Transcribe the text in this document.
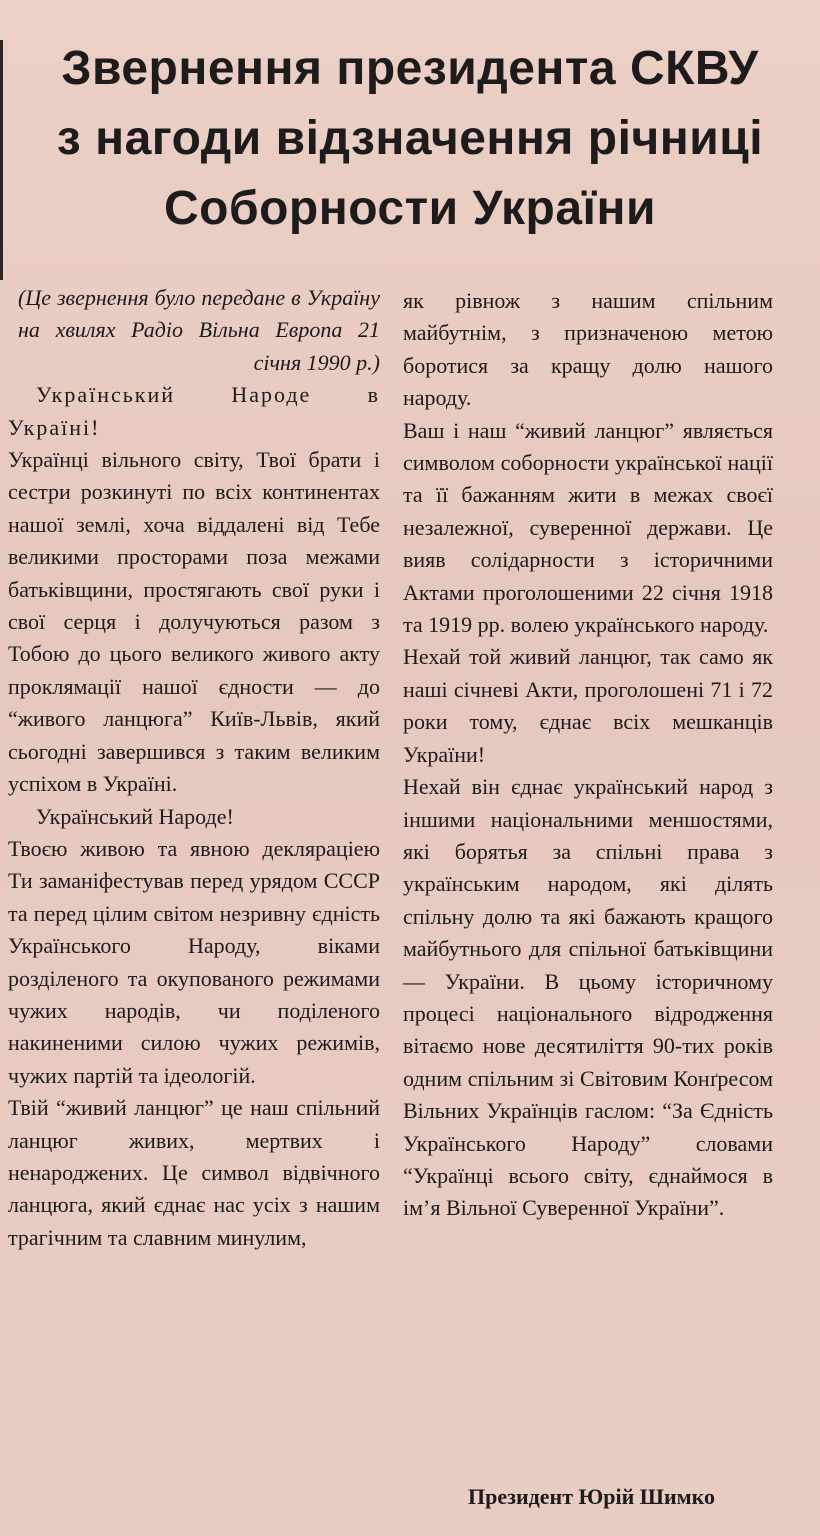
Звернення президента СКВУ
з нагоди відзначення річниці
Соборности України

(Це звернення було передане в Україну на хвилях Радіо Вільна Европа 21 січня 1990 р.)

Український Народе в Україні!

Українці вільного світу, Твої брати і сестри розкинуті по всіх континентах нашої землі, хоча віддалені від Тебе великими просторами поза межами батьківщини, простягають свої руки і свої серця і долучуються разом з Тобою до цього великого живого акту проклямації нашої єдности — до “живого ланцюга” Київ-Львів, який сьогодні завершився з таким великим успіхом в Україні.

Український Народе!

Твоєю живою та явною декляраціею Ти заманіфестував перед урядом СССР та перед цілим світом незривну єдність Українського Народу, віками розділеного та окупованого режимами чужих народів, чи поділеного накиненими силою чужих режимів, чужих партій та ідеологій.

Твій “живий ланцюг” це наш спільний ланцюг живих, мертвих і ненароджених. Це символ відвічного ланцюга, який єднає нас усіх з нашим трагічним та славним минулим,

як рівнож з нашим спільним майбутнім, з призначеною метою боротися за кращу долю нашого народу.

Ваш і наш “живий ланцюг” являється символом соборности української нації та її бажанням жити в межах своєї незалежної, суверенної держави. Це вияв солідарности з історичними Актами проголошеними 22 січня 1918 та 1919 рр. волею українського народу.

Нехай той живий ланцюг, так само як наші січневі Акти, проголошені 71 і 72 роки тому, єднає всіх мешканців України!

Нехай він єднає український народ з іншими національними меншостями, які борятья за спільні права з українським народом, які ділять спільну долю та які бажають кращого майбутнього для спільної батьківщини — України. В цьому історичному процесі національного відродження вітаємо нове десятиліття 90-тих років одним спільним зі Світовим Конґресом Вільних Українців гаслом: “За Єдність Українського Народу” словами “Українці всього світу, єднаймося в ім’я Вільної Суверенної України”.

Президент Юрій Шимко
